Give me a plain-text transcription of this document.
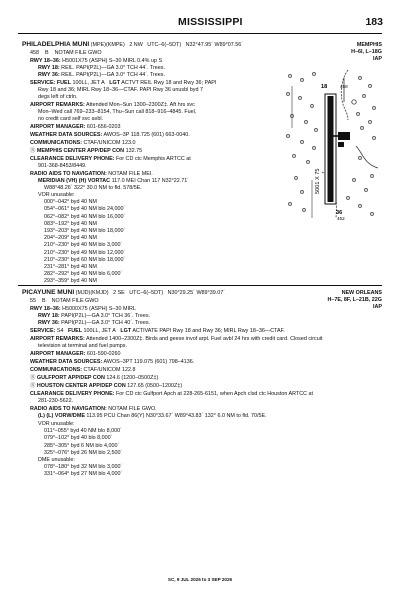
MISSISSIPPI	183
PHILADELPHIA MUNI (MPE)(KMPE) 2 NW UTC–6(–5DT) N32°47.95´ W89°07.56´	MEMPHIS
H–6I, L–18G
IAP
458 B NOTAM FILE GWO
RWY 18–36: H5001X75 (ASPH) S–30 MIRL 0.4% up S
RWY 18: REIL. PAPI(P2L)—GA 3.0° TCH 44´. Trees.
RWY 36: REIL. PAPI(P2L)—GA 3.0° TCH 44´. Trees.
SERVICE: FUEL 100LL, JET A LGT ACTVT REIL Rwy 18 and Rwy 36; PAPI
Rwy 18 and 36; MIRL Rwy 18–36—CTAF. PAPI Rwy 36 unusbl byd 7
degs left of ctrln.
AIRPORT REMARKS: Attended Mon–Sun 1300–2300Z‡. Aft hrs svc
Mon–Wed call 769–233–8154, Thu–Sun call 818–916–4845. Fuel,
no credit card self svc avbl.
AIRPORT MANAGER: 601-656-0203
WEATHER DATA SOURCES: AWOS–3P 118.725 (601) 663-0040.
COMMUNICATIONS: CTAF/UNICOM 123.0
Ⓡ MEMPHIS CENTER APP/DEP CON 132.75
CLEARANCE DELIVERY PHONE: For CD ctc Memphis ARTCC at
901-368-8453/8449.
RADIO AIDS TO NAVIGATION: NOTAM FILE MEI.
MERIDIAN (VH) (H) VORTAC 117.0 MEI Chan 117 N32°22.71´
W88°48.26´ 322° 30.0 NM to fld. 578/5E.
VOR unusable:
000°–042° byd 40 NM
054°–061° byd 40 NM blo 24,000´
062°–082° byd 40 NM blo 16,000´
083°–192° byd 40 NM
193°–203° byd 40 NM blo 18,000´
204°–209° byd 40 NM
210°–230° byd 40 NM blo 3,000´
210°–230° byd 49 NM blo 12,000´
210°–230° byd 60 NM blo 18,000´
231°–281° byd 40 NM
282°–292° byd 40 NM blo 6,000´
293°–359° byd 40 NM
5001 X 75
18
36
458
452
PICAYUNE MUNI (MJD)(KMJD) 2 SE UTC–6(–5DT) N30°29.25´ W89°39.07´	NEW ORLEANS
H–7E, 8F, L–21B, 22G
IAP
55 B NOTAM FILE GWO
RWY 18–36: H5000X75 (ASPH) S–30 MIRL
RWY 18: PAPI(P2L)—GA 3.0° TCH 36´. Trees.
RWY 36: PAPI(P2L)—GA 3.0° TCH 40´. Trees.
SERVICE: S4 FUEL 100LL, JET A LGT ACTIVATE PAPI Rwy 18 and Rwy 36; MIRL Rwy 18–36—CTAF.
AIRPORT REMARKS: Attended 1400–2300Z‡. Birds and geese invof arpt. Fuel avbl 24 hrs with credit card. Closed circuit
television at terminal and fuel pumps.
AIRPORT MANAGER: 601-590-0260
WEATHER DATA SOURCES: AWOS–3PT 119.075 (601) 798–4136.
COMMUNICATIONS: CTAF/UNICOM 122.8
Ⓡ GULFPORT APP/DEP CON 124.6 (1200–0500Z‡)
Ⓡ HOUSTON CENTER APP/DEP CON 127.65 (0500–1200Z‡)
CLEARANCE DELIVERY PHONE: For CD ctc Gulfport Apch at 228-265-6151, when Apch clsd ctc Houston ARTCC at
281-230-5622.
RADIO AIDS TO NAVIGATION: NOTAM FILE GWO.
(L) (L) VORW/DME 113.95 PCU Chan 86(Y) N30°33.67´ W89°43.83´ 132° 6.0 NM to fld. 70/5E.
VOR unusable:
011°–055° byd 40 NM blo 8,000´
079°–102° byd 40 blo 8,000´
285°–305° byd 6 NM blo 4,000´
325°–076° byd 26 NM blo 2,500´
DME unusable:
078°–180° byd 32 NM blo 3,000´
331°–064° byd 27 NM blo 4,000´
SC, 9 JUL 2026 to 3 SEP 2026
